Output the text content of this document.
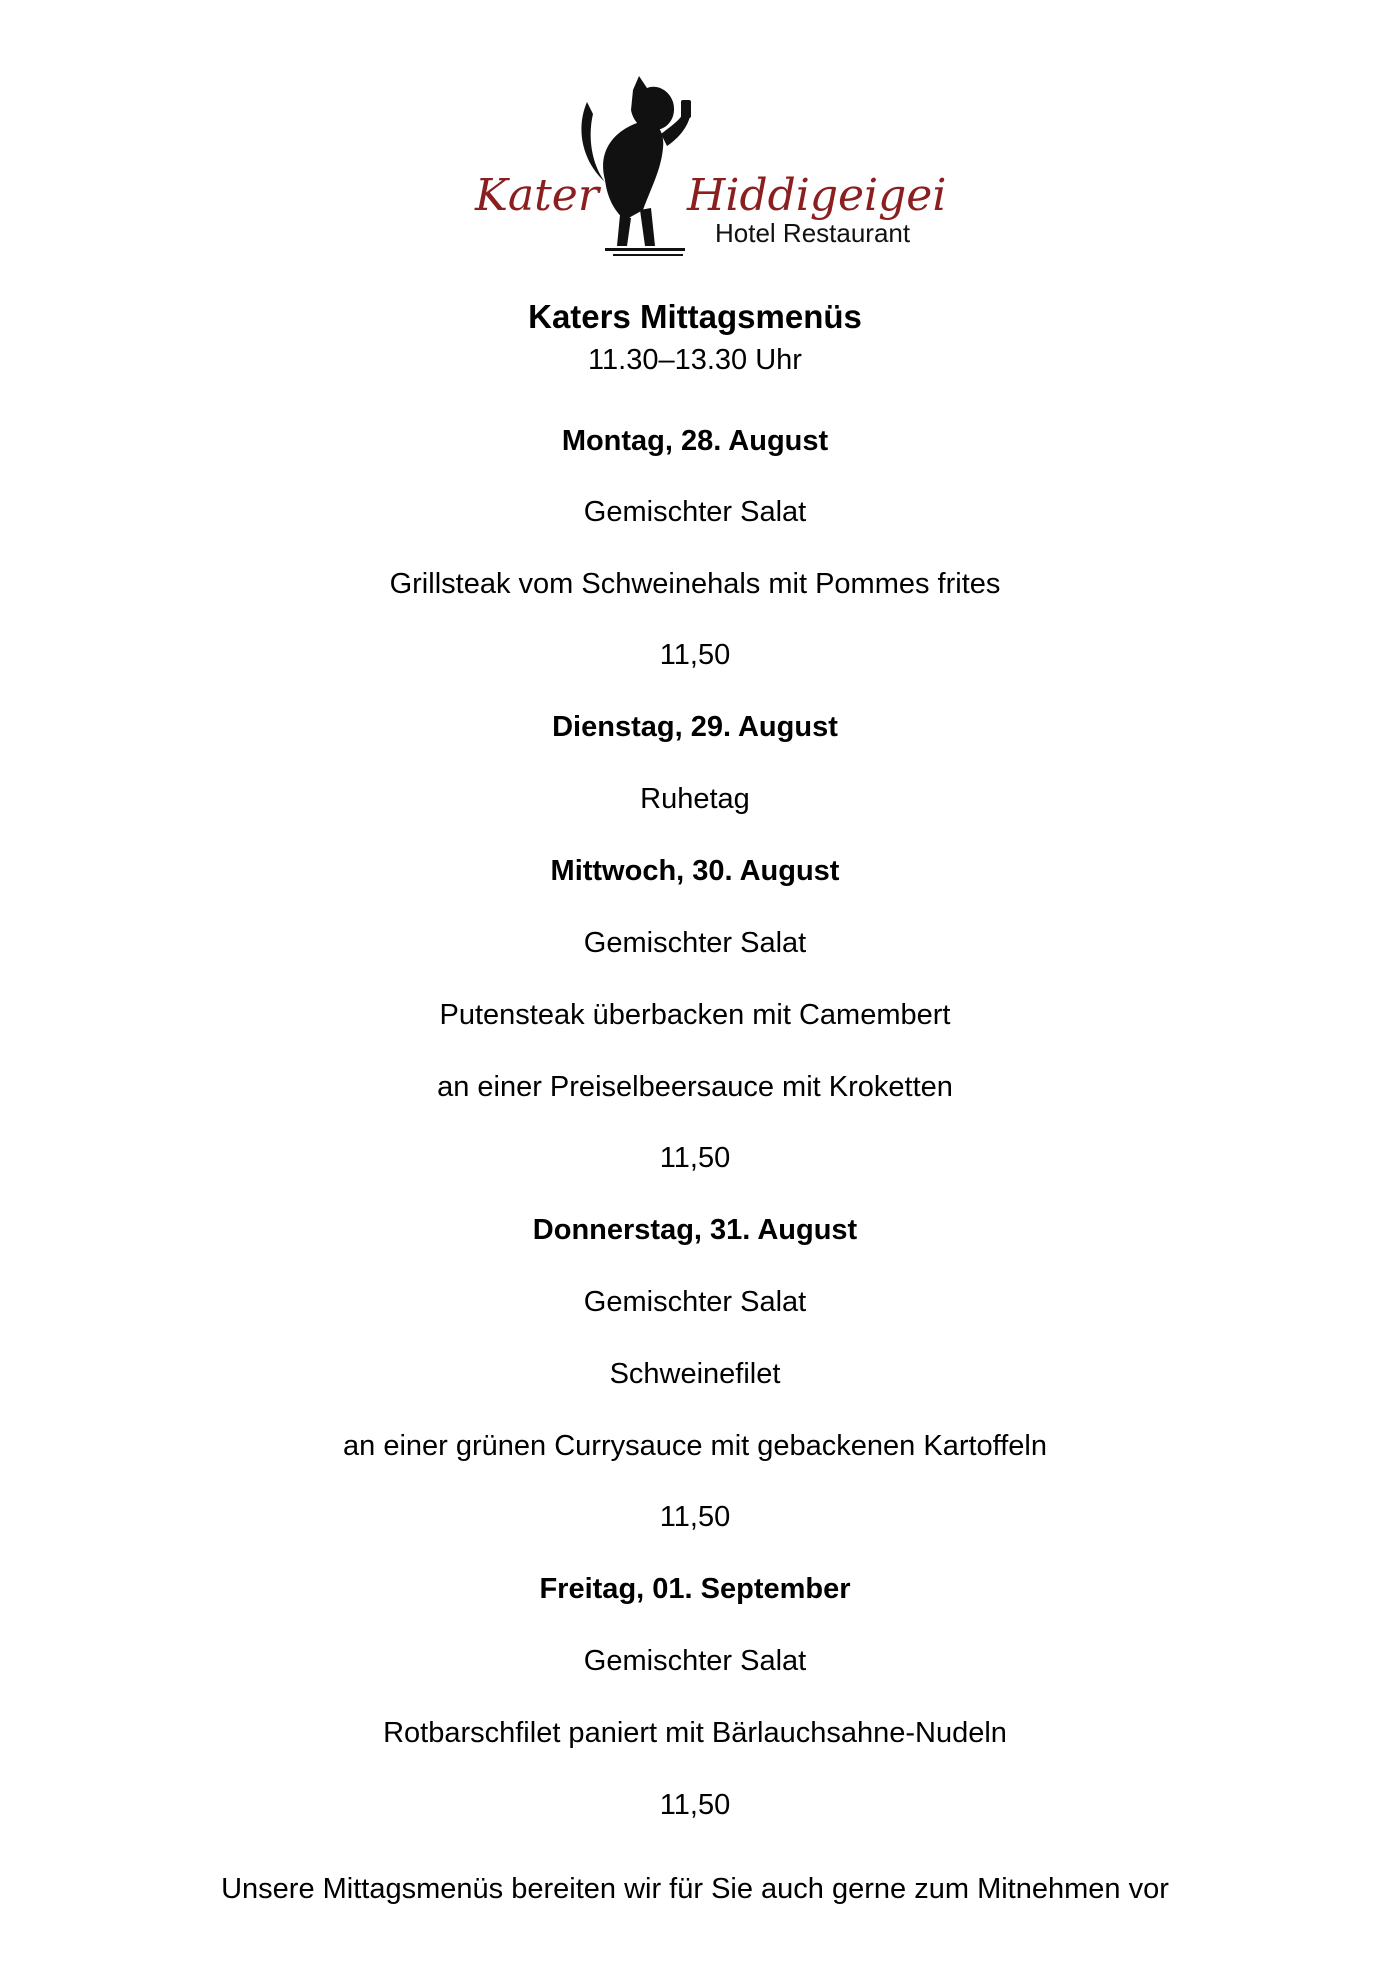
Kater Hiddigeigei
Hotel Restaurant
Katers Mittagsmenüs
11.30–13.30 Uhr
Montag, 28. August
Gemischter Salat
Grillsteak vom Schweinehals mit Pommes frites
11,50
Dienstag, 29. August
Ruhetag
Mittwoch, 30. August
Gemischter Salat
Putensteak überbacken mit Camembert
an einer Preiselbeersauce mit Kroketten
11,50
Donnerstag, 31. August
Gemischter Salat
Schweinefilet
an einer grünen Currysauce mit gebackenen Kartoffeln
11,50
Freitag, 01. September
Gemischter Salat
Rotbarschfilet paniert mit Bärlauchsahne-Nudeln
11,50
Unsere Mittagsmenüs bereiten wir für Sie auch gerne zum Mitnehmen vor
